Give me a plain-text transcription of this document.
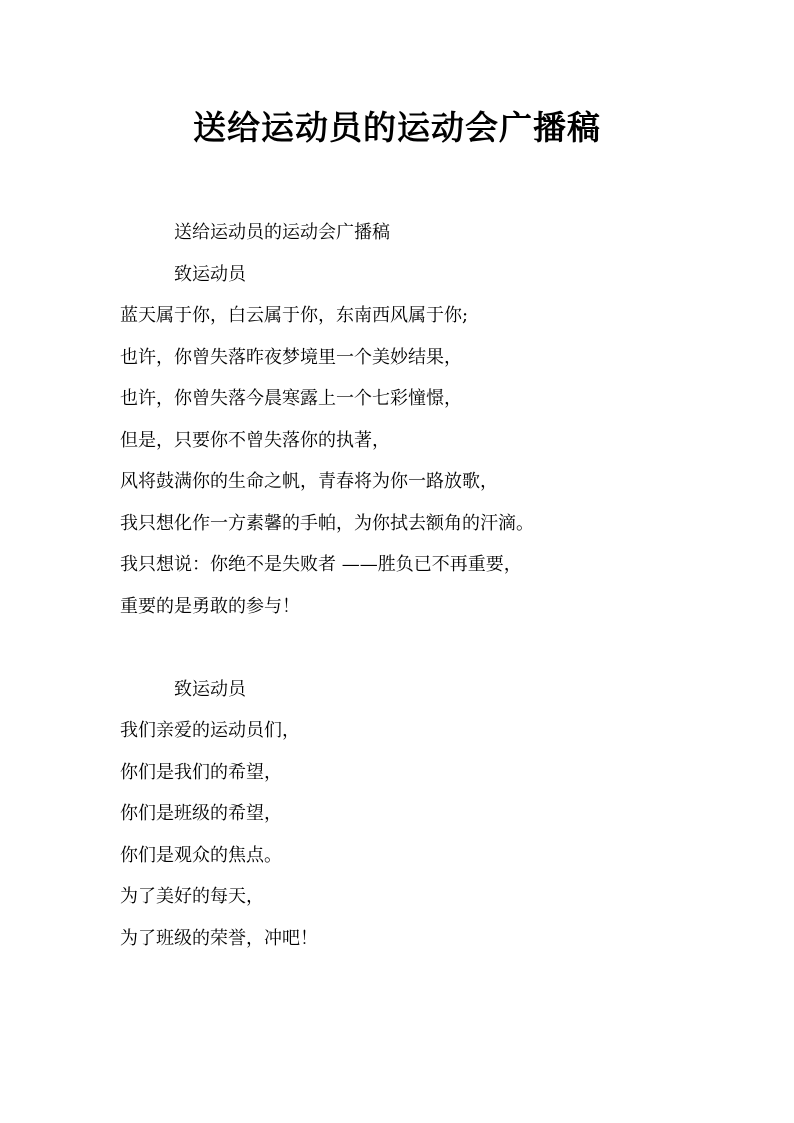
送给运动员的运动会广播稿
送给运动员的运动会广播稿
致运动员
蓝天属于你，白云属于你，东南西风属于你;
也许，你曾失落昨夜梦境里一个美妙结果，
也许，你曾失落今晨寒露上一个七彩憧憬，
但是，只要你不曾失落你的执著，
风将鼓满你的生命之帆，青春将为你一路放歌，
我只想化作一方素馨的手帕，为你拭去额角的汗滴。
我只想说：你绝不是失败者 ——胜负已不再重要，
重要的是勇敢的参与！
致运动员
我们亲爱的运动员们，
你们是我们的希望，
你们是班级的希望，
你们是观众的焦点。
为了美好的每天，
为了班级的荣誉，冲吧！
